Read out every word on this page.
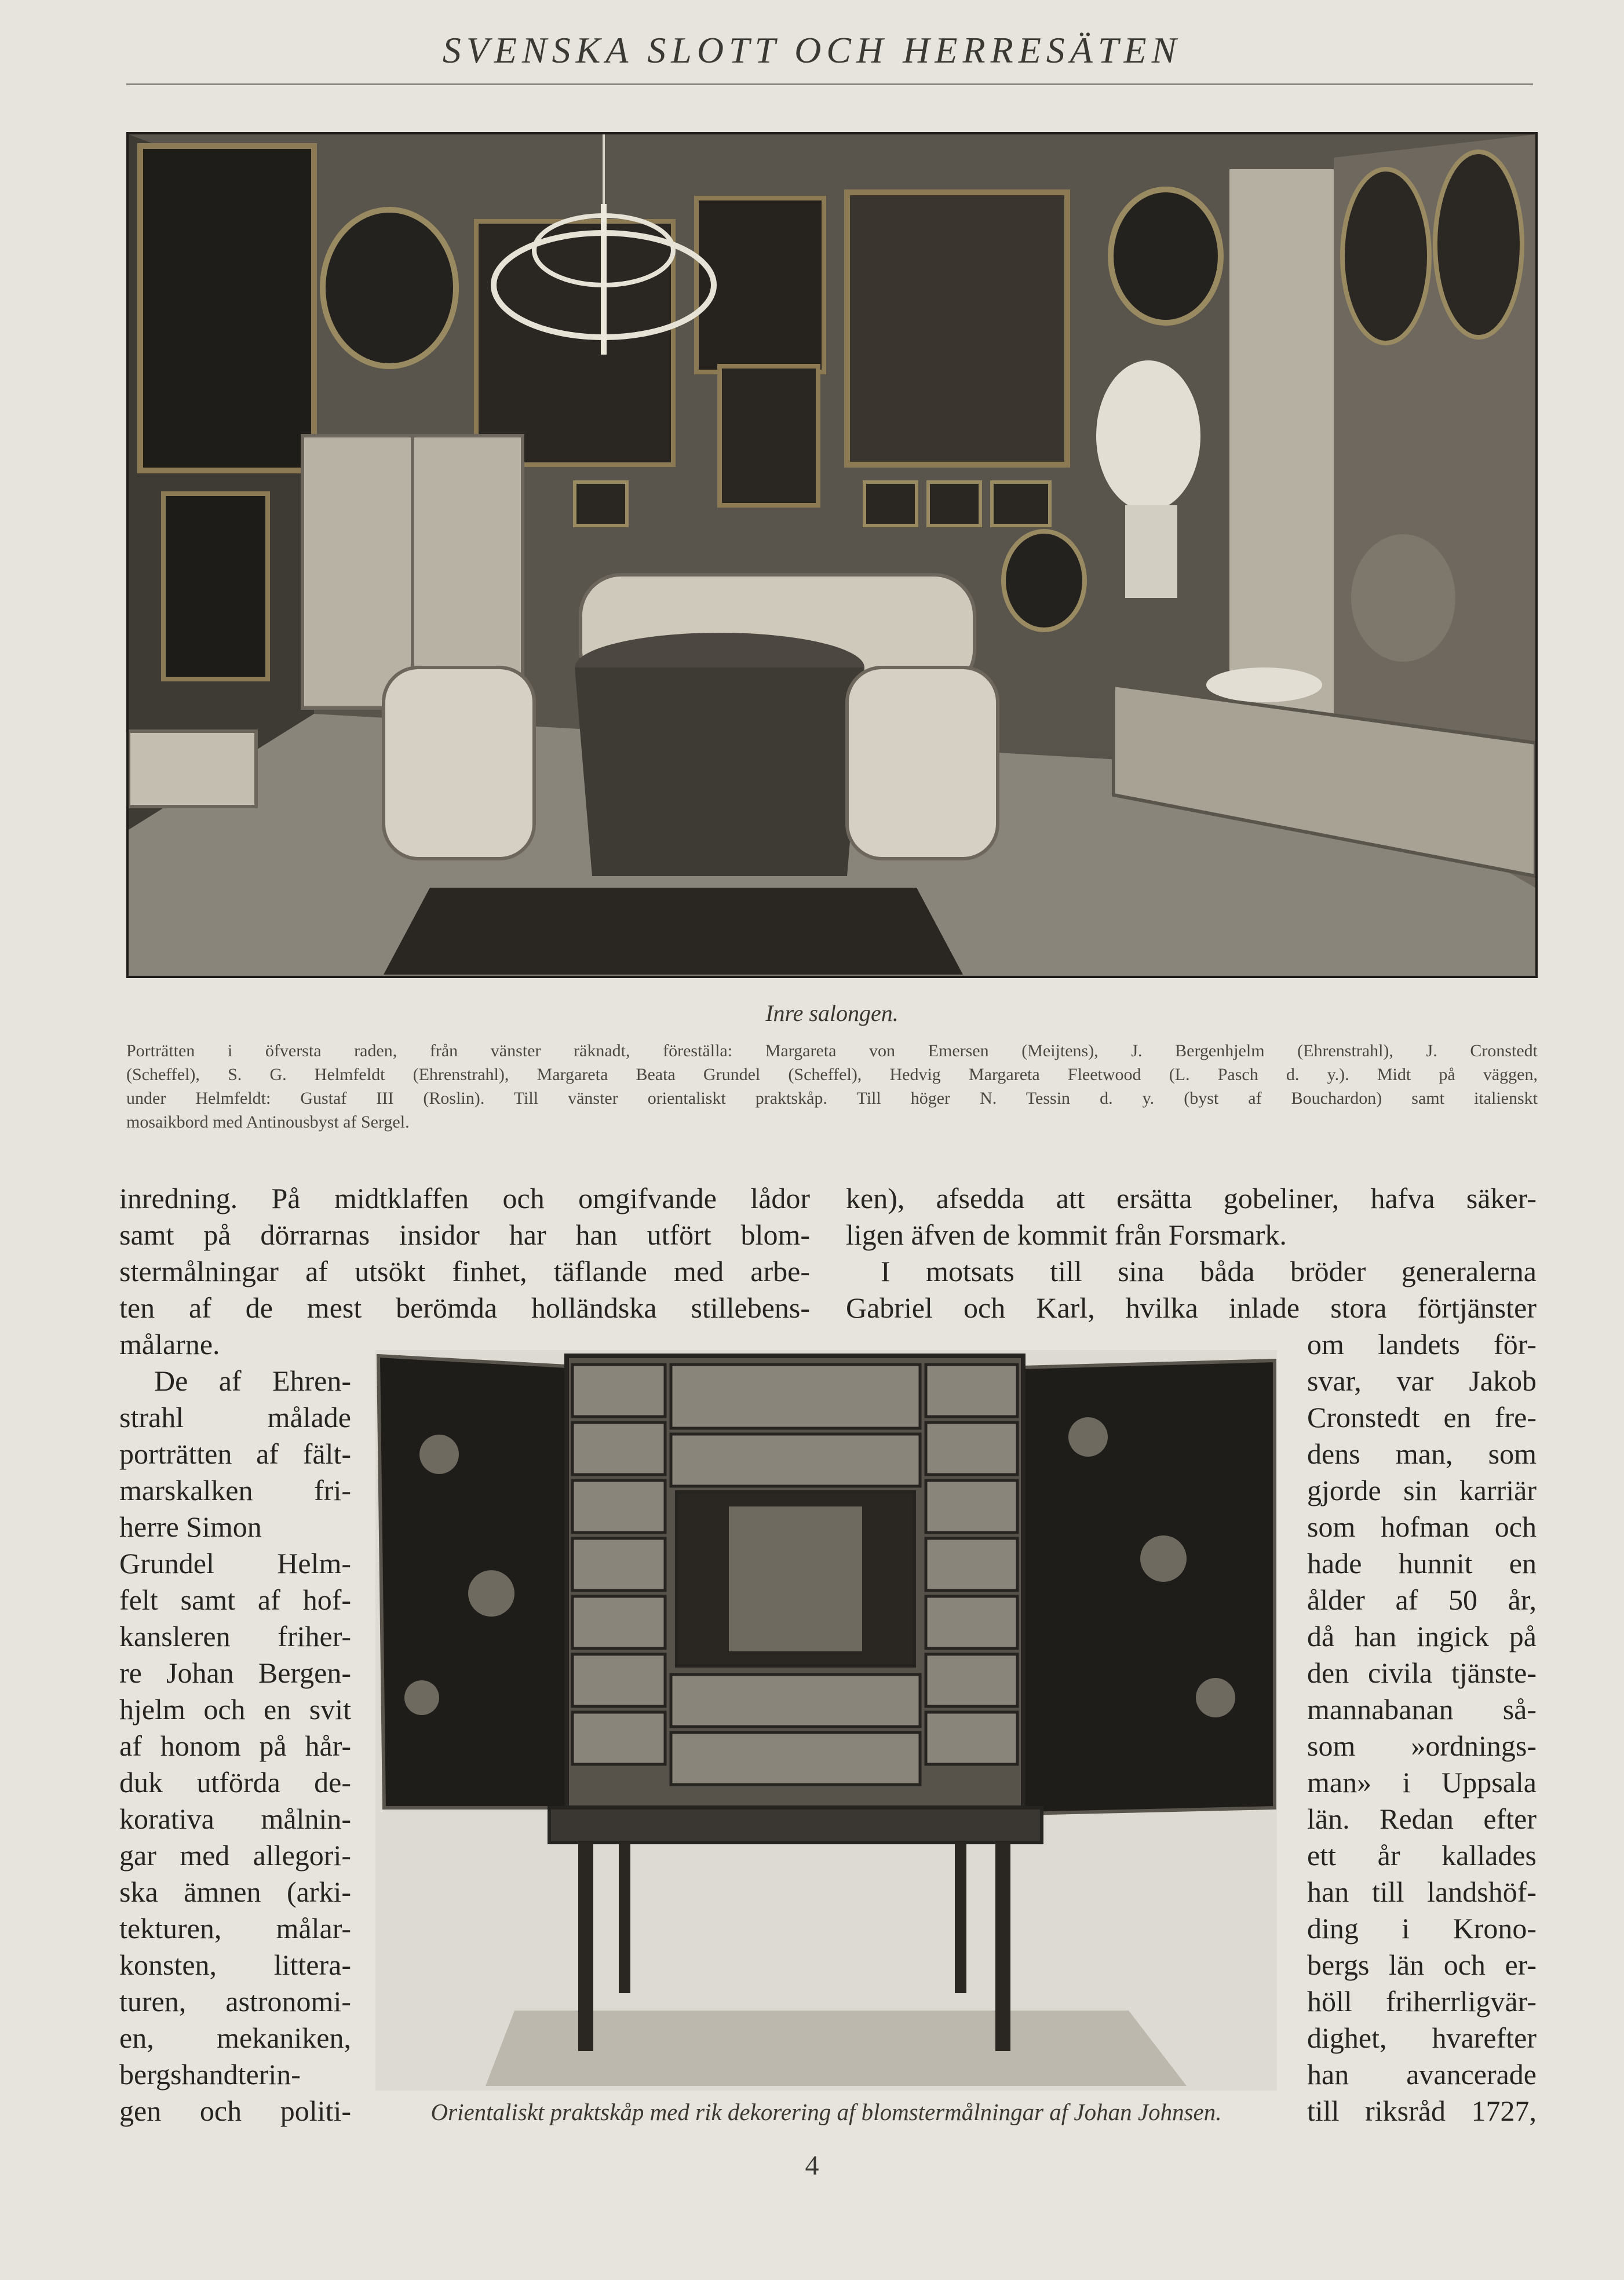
SVENSKA SLOTT OCH HERRESÄTEN
Inre salongen.
Porträtten i öfversta raden, från vänster räknadt, föreställa: Margareta von Emersen (Meijtens), J. Bergenhjelm (Ehrenstrahl), J. Cronstedt
(Scheffel), S. G. Helmfeldt (Ehrenstrahl), Margareta Beata Grundel (Scheffel), Hedvig Margareta Fleetwood (L. Pasch d. y.). Midt på väggen,
under Helmfeldt: Gustaf III (Roslin). Till vänster orientaliskt praktskåp. Till höger N. Tessin d. y. (byst af Bouchardon) samt italienskt
mosaikbord med Antinousbyst af Sergel.
inredning. På midtklaffen och omgifvande lådor
samt på dörrarnas insidor har han utfört blom-
stermålningar af utsökt finhet, täflande med arbe-
ten af de mest berömda holländska stillebens-
målarne.
De af Ehren-
strahl målade
porträtten af fält-
marskalken fri-
herre Simon
Grundel Helm-
felt samt af hof-
kansleren friher-
re Johan Bergen-
hjelm och en svit
af honom på hår-
duk utförda de-
korativa målnin-
gar med allegori-
ska ämnen (arki-
tekturen, målar-
konsten, littera-
turen, astronomi-
en, mekaniken,
bergshandterin-
gen och politi-
ken), afsedda att ersätta gobeliner, hafva säker-
ligen äfven de kommit från Forsmark.
I motsats till sina båda bröder generalerna
Gabriel och Karl, hvilka inlade stora förtjänster
om landets för-
svar, var Jakob
Cronstedt en fre-
dens man, som
gjorde sin karriär
som hofman och
hade hunnit en
ålder af 50 år,
då han ingick på
den civila tjänste-
mannabanan så-
som »ordnings-
man» i Uppsala
län. Redan efter
ett år kallades
han till landshöf-
ding i Krono-
bergs län och er-
höll friherrligvär-
dighet, hvarefter
han avancerade
till riksråd 1727,
Orientaliskt praktskåp med rik dekorering af blomstermålningar af Johan Johnsen.
4
